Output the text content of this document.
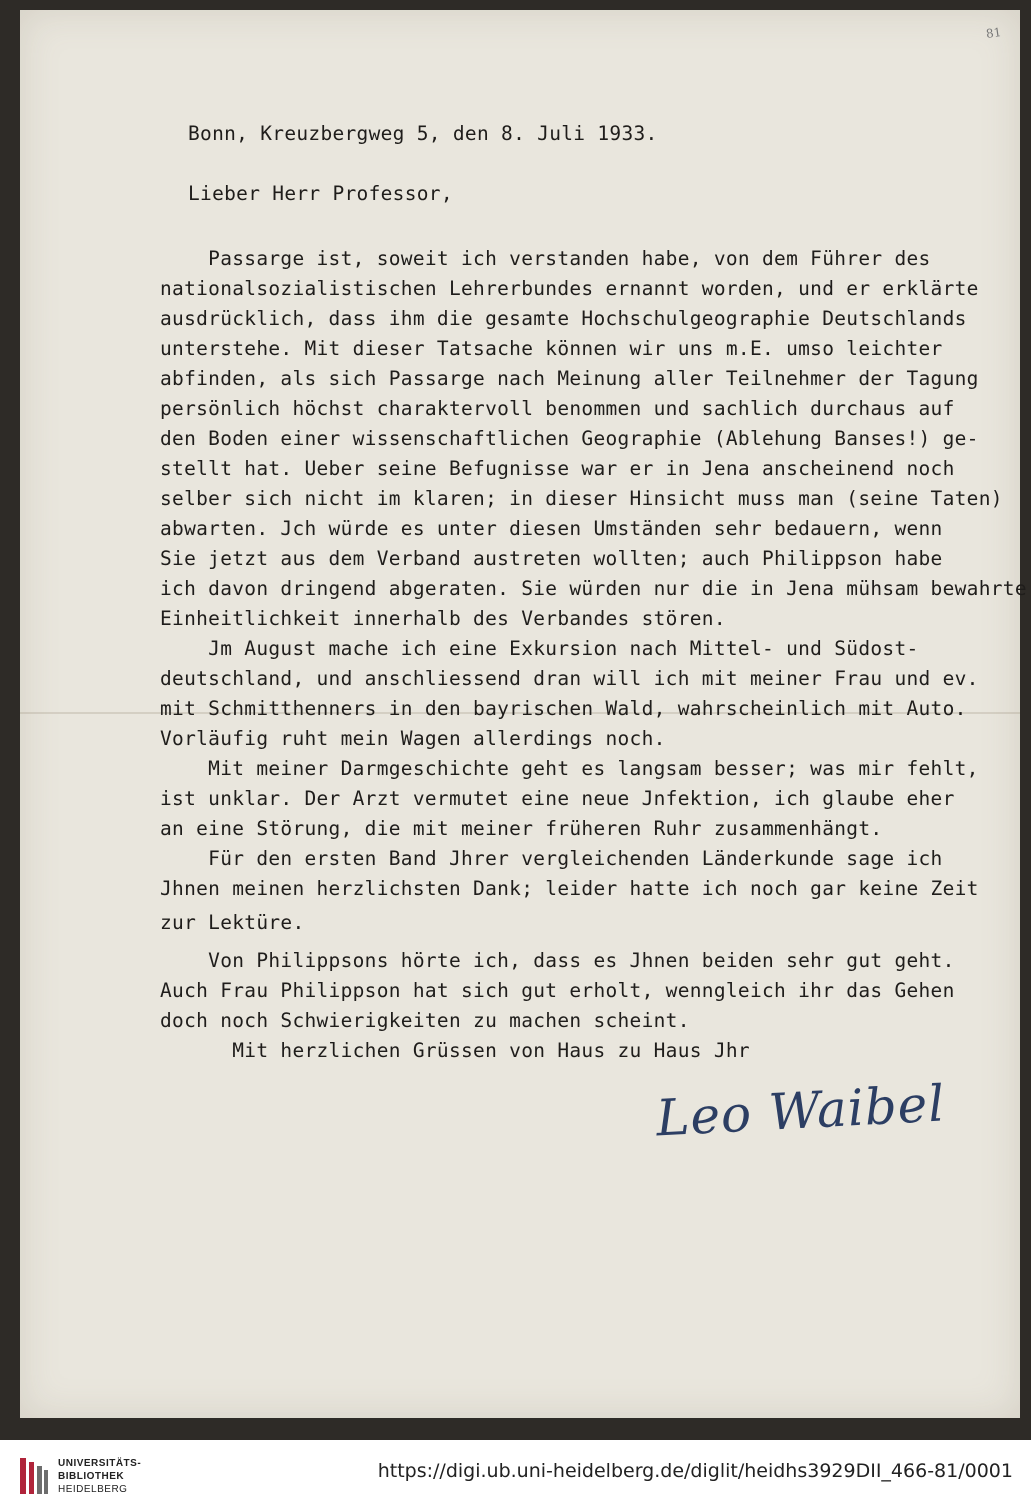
81
Bonn, Kreuzbergweg 5, den 8. Juli 1933.
Lieber Herr Professor,
Passarge ist, soweit ich verstanden habe, von dem Führer des
nationalsozialistischen Lehrerbundes ernannt worden, und er erklärte
ausdrücklich, dass ihm die gesamte Hochschulgeographie Deutschlands
unterstehe. Mit dieser Tatsache können wir uns m.E. umso leichter
abfinden, als sich Passarge nach Meinung aller Teilnehmer der Tagung
persönlich höchst charaktervoll benommen und sachlich durchaus auf
den Boden einer wissenschaftlichen Geographie (Ablehung Banses!) ge-
stellt hat. Ueber seine Befugnisse war er in Jena anscheinend noch
selber sich nicht im klaren; in dieser Hinsicht muss man (seine Taten)
abwarten. Jch würde es unter diesen Umständen sehr bedauern, wenn
Sie jetzt aus dem Verband austreten wollten; auch Philippson habe
ich davon dringend abgeraten. Sie würden nur die in Jena mühsam bewahrte
Einheitlichkeit innerhalb des Verbandes stören.
Jm August mache ich eine Exkursion nach Mittel- und Südost-
deutschland, und anschliessend dran will ich mit meiner Frau und ev.
mit Schmitthenners in den bayrischen Wald, wahrscheinlich mit Auto.
Vorläufig ruht mein Wagen allerdings noch.
Mit meiner Darmgeschichte geht es langsam besser; was mir fehlt,
ist unklar. Der Arzt vermutet eine neue Jnfektion, ich glaube eher
an eine Störung, die mit meiner früheren Ruhr zusammenhängt.
Für den ersten Band Jhrer vergleichenden Länderkunde sage ich
Jhnen meinen herzlichsten Dank; leider hatte ich noch gar keine Zeit
zur Lektüre.
Von Philippsons hörte ich, dass es Jhnen beiden sehr gut geht.
Auch Frau Philippson hat sich gut erholt, wenngleich ihr das Gehen
doch noch Schwierigkeiten zu machen scheint.
Mit herzlichen Grüssen von Haus zu Haus Jhr
Leo Waibel
UNIVERSITÄTS-
BIBLIOTHEK
HEIDELBERG
https://digi.ub.uni-heidelberg.de/diglit/heidhs3929DII_466-81/0001
